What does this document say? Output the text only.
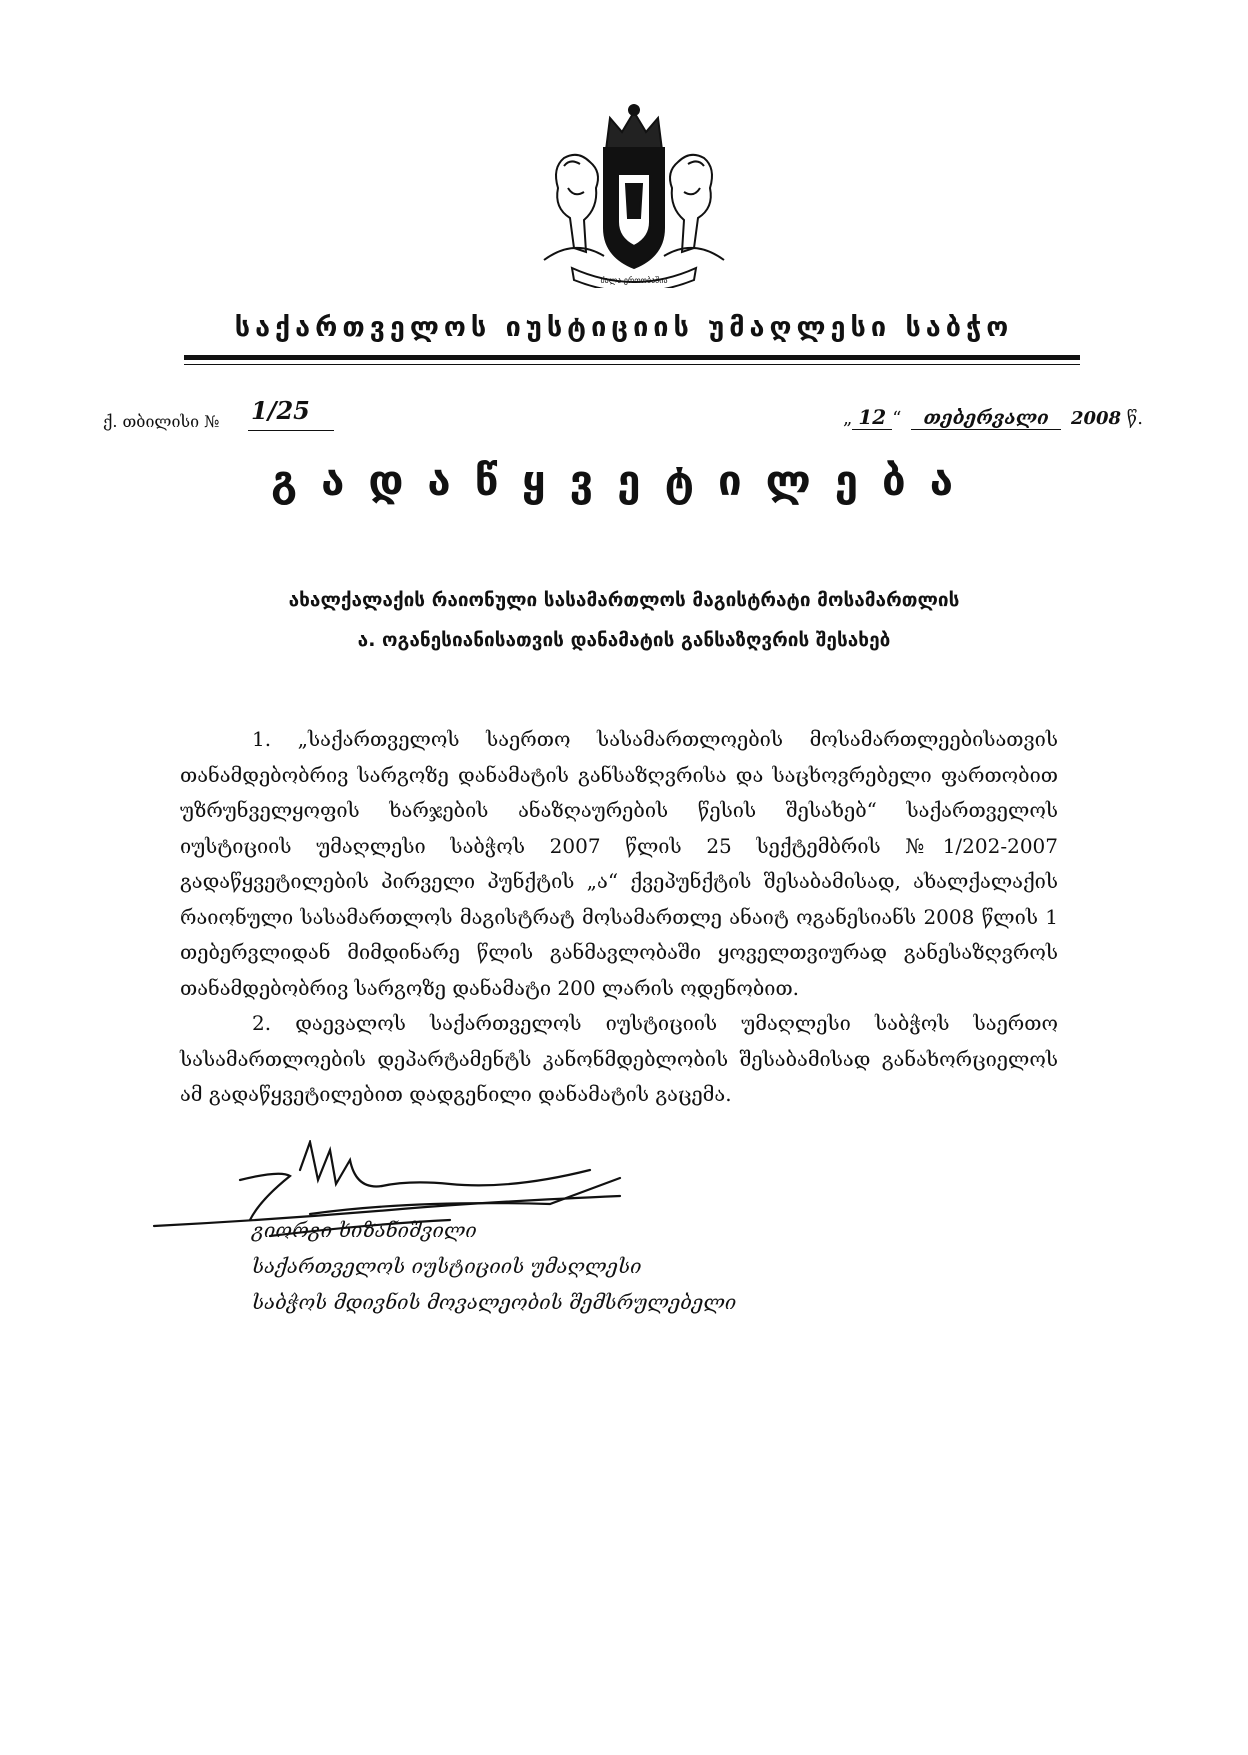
ძალა ერთობაშია
საქართველოს იუსტიციის უმაღლესი საბჭო
ქ. თბილისი № 1/25	„ 12 “ თებერვალი 2008 წ.
გადაწყვეტილება
ახალქალაქის რაიონული სასამართლოს მაგისტრატი მოსამართლის
ა. ოგანესიანისათვის დანამატის განსაზღვრის შესახებ

1. „საქართველოს საერთო სასამართლოების მოსამართლეებისათვის თანამდებობრივ სარგოზე დანამატის განსაზღვრისა და საცხოვრებელი ფართობით უზრუნველყოფის ხარჯების ანაზღაურების წესის შესახებ“ საქართველოს იუსტიციის უმაღლესი საბჭოს 2007 წლის 25 სექტემბრის №1/202-2007 გადაწყვეტილების პირველი პუნქტის „ა“ ქვეპუნქტის შესაბამისად, ახალქალაქის რაიონული სასამართლოს მაგისტრატ მოსამართლე ანაიტ ოგანესიანს 2008 წლის 1 თებერვლიდან მიმდინარე წლის განმავლობაში ყოველთვიურად განესაზღვროს თანამდებობრივ სარგოზე დანამატი 200 ლარის ოდენობით.

2. დაევალოს საქართველოს იუსტიციის უმაღლესი საბჭოს საერთო სასამართლოების დეპარტამენტს კანონმდებლობის შესაბამისად განახორციელოს ამ გადაწყვეტილებით დადგენილი დანამატის გაცემა.

გიორგი ხიზანიშვილი
საქართველოს იუსტიციის უმაღლესი
საბჭოს მდივნის მოვალეობის შემსრულებელი
